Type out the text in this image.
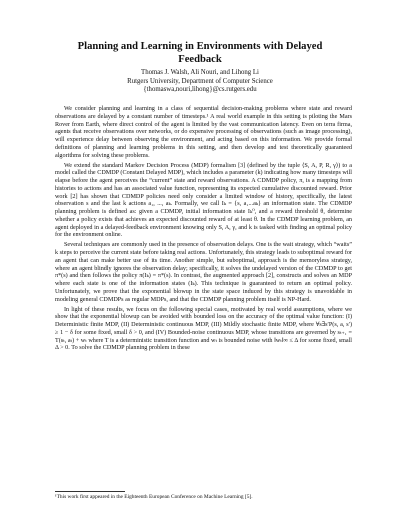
Planning and Learning in Environments with Delayed
Feedback
Thomas J. Walsh, Ali Nouri, and Lihong Li
Rutgers University, Department of Computer Science
{thomaswa,nouri,lihong}@cs.rutgers.edu

We consider planning and learning in a class of sequential decision-making problems where state and reward observations are delayed by a constant number of timesteps.¹ A real world example in this setting is piloting the Mars Rover from Earth, where direct control of the agent is limited by the vast communication latency. Even on terra firma, agents that receive observations over networks, or do expensive processing of observations (such as image processing), will experience delay between observing the environment, and acting based on this information. We provide formal definitions of planning and learning problems in this setting, and then develop and test theoretically guaranteed algorithms for solving these problems.

We extend the standard Markov Decision Process (MDP) formalism [3] (defined by the tuple ⟨S, A, P, R, γ⟩) to a model called the CDMDP (Constant Delayed MDP), which includes a parameter (k) indicating how many timesteps will elapse before the agent perceives the “current” state and reward observations. A CDMDP policy, π, is a mapping from histories to actions and has an associated value function, representing its expected cumulative discounted reward. Prior work [2] has shown that CDMDP policies need only consider a limited window of history, specifically, the latest observation s and the last k actions a₁, ..., aₖ. Formally, we call Iₖ = {s, a₁...aₖ} an information state. The CDMDP planning problem is defined as: given a CDMDP, initial information state Iₖ⁰, and a reward threshold θ, determine whether a policy exists that achieves an expected discounted reward of at least θ. In the CDMDP learning problem, an agent deployed in a delayed-feedback environment knowing only S, A, γ, and k is tasked with finding an optimal policy for the environment online.

Several techniques are commonly used in the presence of observation delays. One is the wait strategy, which “waits” k steps to perceive the current state before taking real actions. Unfortunately, this strategy leads to suboptimal reward for an agent that can make better use of its time. Another simple, but suboptimal, approach is the memoryless strategy, where an agent blindly ignores the observation delay; specifically, it solves the undelayed version of the CDMDP to get π*(s) and then follows the policy π(Iₖ) = π*(s). In contrast, the augmented approach [2], constructs and solves an MDP where each state is one of the information states (Iₖ). This technique is guaranteed to return an optimal policy. Unfortunately, we prove that the exponential blowup in the state space induced by this strategy is unavoidable in modeling general CDMDPs as regular MDPs, and that the CDMDP planning problem itself is NP-Hard.

In light of these results, we focus on the following special cases, motivated by real world assumptions, where we show that the exponential blowup can be avoided with bounded loss on the accuracy of the optimal value function: (I) Deterministic finite MDP, (II) Deterministic continuous MDP, (III) Mildly stochastic finite MDP, where ∀s∃s′P(s, a, s′) ≥ 1 − δ for some fixed, small δ > 0, and (IV) Bounded-noise continuous MDP, whose transitions are governed by sₜ₊₁ = T(sₜ, aₜ) + wₜ where T is a deterministic transition function and wₜ is bounded noise with ‖wₜ‖∞ ≤ Δ for some fixed, small Δ > 0. To solve the CDMDP planning problem in these

¹This work first appeared in the Eighteenth European Conference on Machine Learning [5].
